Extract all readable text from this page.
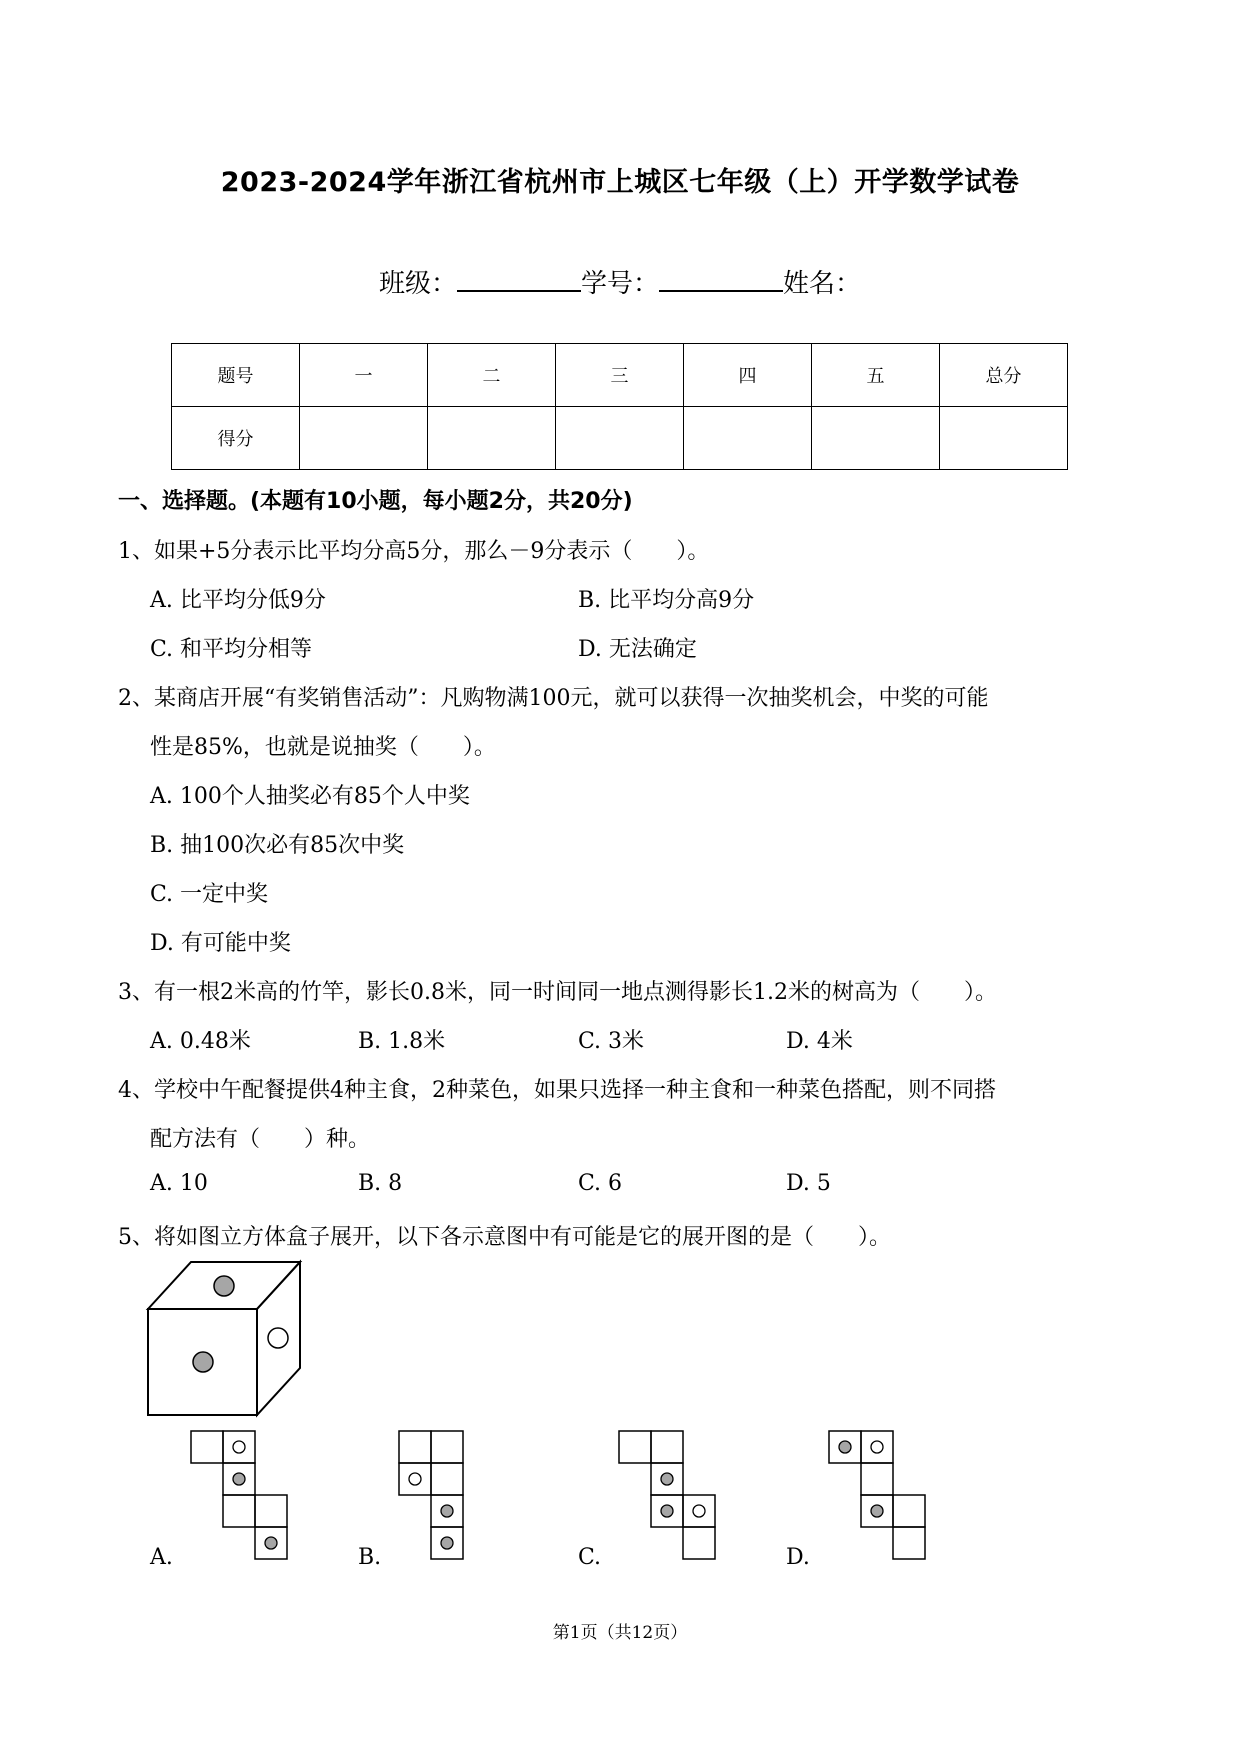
2023-2024学年浙江省杭州市上城区七年级（上）开学数学试卷
班级：	学号：	姓名：
题号	一	二	三	四	五	总分
得分						
一、选择题。(本题有10小题，每小题2分，共20分)
1、如果+5分表示比平均分高5分，那么－9分表示（　　）。
A. 比平均分低9分	B. 比平均分高9分
C. 和平均分相等	D. 无法确定
2、某商店开展“有奖销售活动”：凡购物满100元，就可以获得一次抽奖机会，中奖的可能
性是85%，也就是说抽奖（　　）。
A. 100个人抽奖必有85个人中奖
B. 抽100次必有85次中奖
C. 一定中奖
D. 有可能中奖
3、有一根2米高的竹竿，影长0.8米，同一时间同一地点测得影长1.2米的树高为（　　）。
A. 0.48米	B. 1.8米	C. 3米	D. 4米
4、学校中午配餐提供4种主食，2种菜色，如果只选择一种主食和一种菜色搭配，则不同搭
配方法有（　　）种。
A. 10	B. 8	C. 6	D. 5
5、将如图立方体盒子展开，以下各示意图中有可能是它的展开图的是（　　）。
A.	B.	C.	D.
第1页（共12页）
